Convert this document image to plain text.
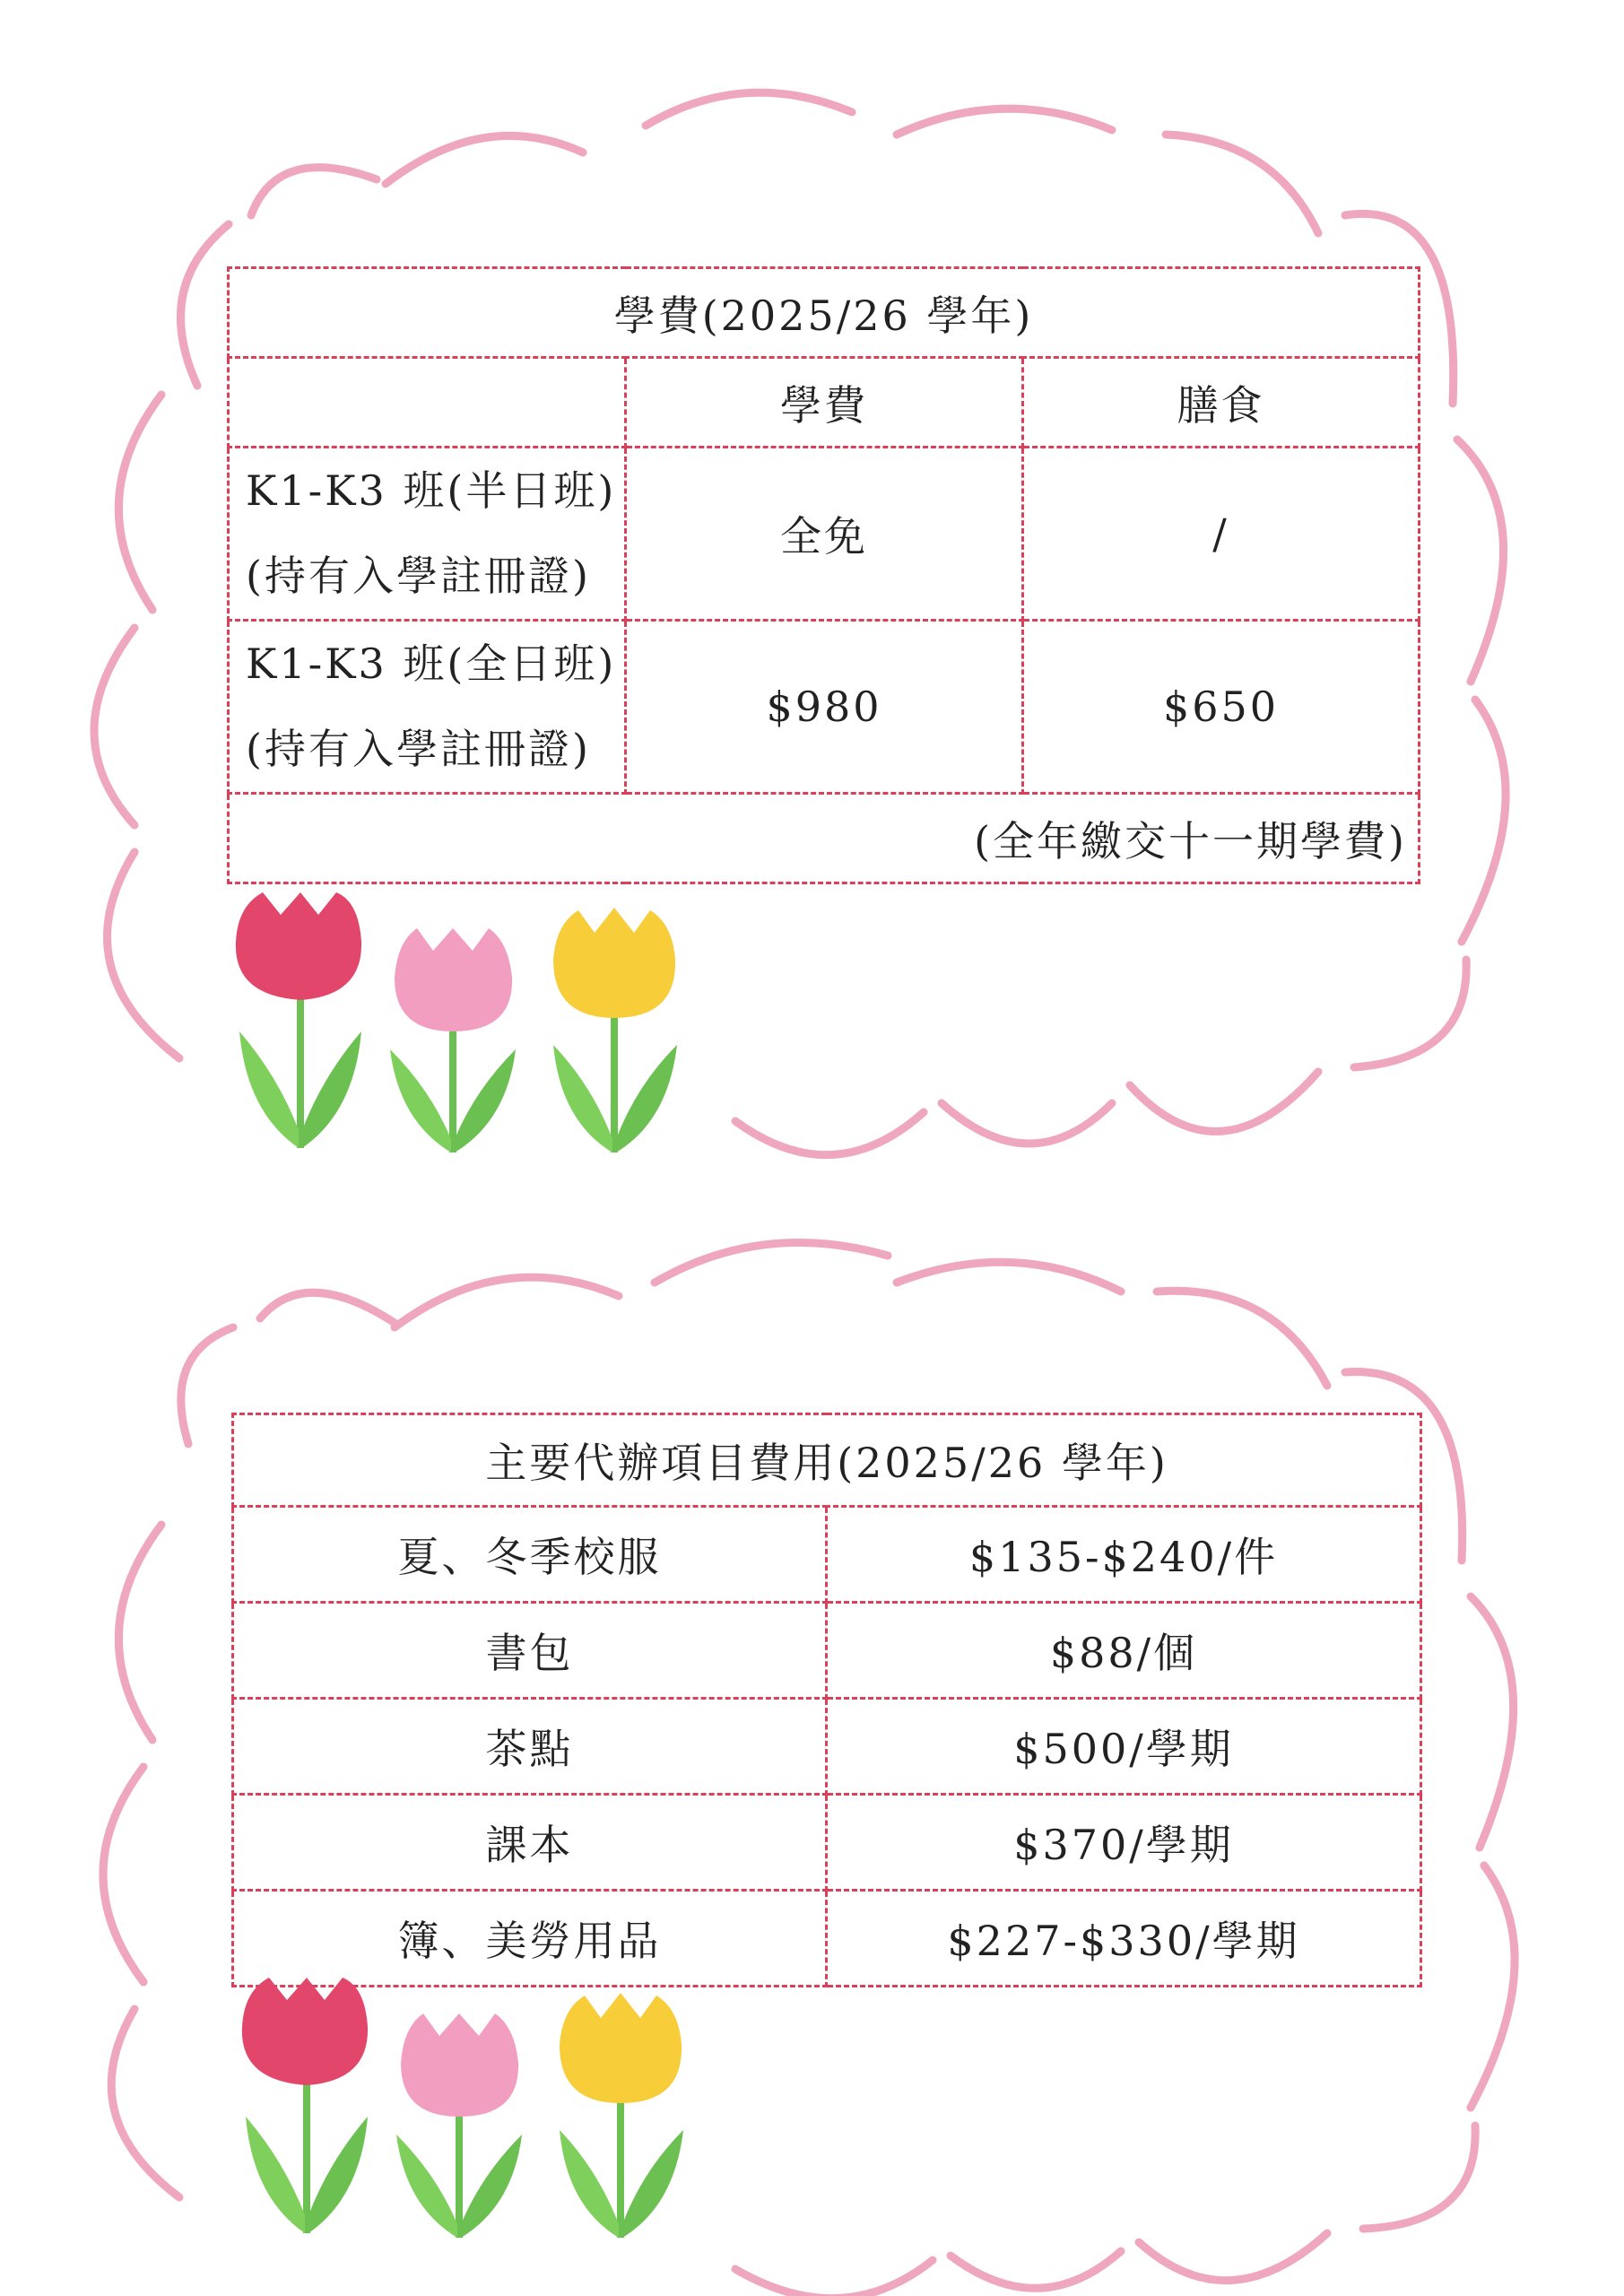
學費(2025/26 學年)		
	學費	膳食

K1-K3 班(半日班)
(持有入學註冊證)	全免	/

K1-K3 班(全日班)
(持有入學註冊證)	$980	$650
(全年繳交十一期學費)		
主要代辦項目費用(2025/26 學年)	
夏、冬季校服	$135-$240/件
書包	$88/個
茶點	$500/學期
課本	$370/學期
簿、美勞用品	$227-$330/學期
